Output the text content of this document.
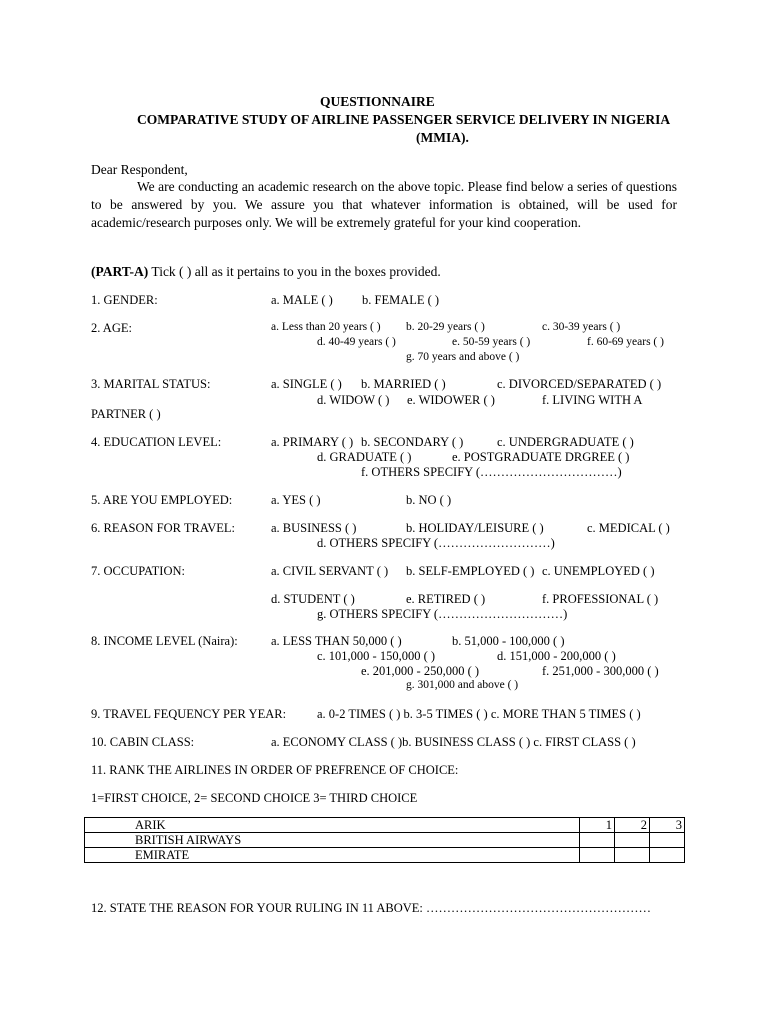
QUESTIONNAIRE
COMPARATIVE STUDY OF AIRLINE PASSENGER SERVICE DELIVERY IN NIGERIA
(MMIA).
Dear Respondent,
We are conducting an academic research on the above topic. Please find below a series of questions to be answered by you. We assure you that whatever information is obtained, will be used for academic/research purposes only. We will be extremely grateful for your kind cooperation.
(PART-A) Tick ( ) all as it pertains to you in the boxes provided.
1. GENDER:	a. MALE ( ) b. FEMALE ( )
2. AGE:	a. Less than 20 years ( ) b. 20-29 years ( )	c. 30-39 years ( )
d. 40-49 years ( )	e. 50-59 years ( )	f. 60-69 years ( )
g. 70 years and above ( )
3. MARITAL STATUS:	a. SINGLE ( ) b. MARRIED ( )	c. DIVORCED/SEPARATED ( )
d. WIDOW ( ) e. WIDOWER ( )	f. LIVING WITH A
PARTNER ( )
4. EDUCATION LEVEL:	a. PRIMARY ( ) b. SECONDARY ( )	c. UNDERGRADUATE ( )
d. GRADUATE ( )	e. POSTGRADUATE DRGREE ( )
f. OTHERS SPECIFY (……………………………)
5. ARE YOU EMPLOYED:	a. YES ( )	b. NO ( )
6. REASON FOR TRAVEL:	a. BUSINESS ( )	b. HOLIDAY/LEISURE ( )	c. MEDICAL ( )
d. OTHERS SPECIFY (………………………)
7. OCCUPATION:	a. CIVIL SERVANT ( ) b. SELF-EMPLOYED ( ) c. UNEMPLOYED ( )
d. STUDENT ( )	e. RETIRED ( )	f. PROFESSIONAL ( )
g. OTHERS SPECIFY (…………………………)
8. INCOME LEVEL (Naira):	a. LESS THAN 50,000 ( )	b. 51,000 - 100,000 ( )
c. 101,000 - 150,000 ( )	d. 151,000 - 200,000 ( )
e. 201,000 - 250,000 ( )	f. 251,000 - 300,000 ( )
g. 301,000 and above ( )
9. TRAVEL FEQUENCY PER YEAR: a. 0-2 TIMES ( ) b. 3-5 TIMES ( ) c. MORE THAN 5 TIMES ( )
10. CABIN CLASS:	a. ECONOMY CLASS ( )b. BUSINESS CLASS ( ) c. FIRST CLASS ( )
11. RANK THE AIRLINES IN ORDER OF PREFRENCE OF CHOICE:
1=FIRST CHOICE, 2= SECOND CHOICE 3= THIRD CHOICE
ARIK	1	2	3
BRITISH AIRWAYS			
EMIRATE			
12. STATE THE REASON FOR YOUR RULING IN 11 ABOVE: ………………………………………………
